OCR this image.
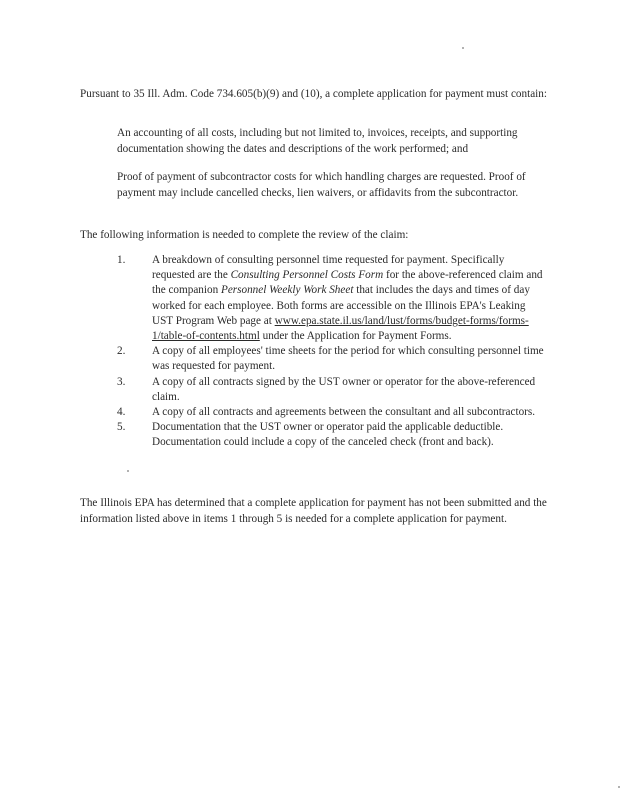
Pursuant to 35 Ill. Adm. Code 734.605(b)(9) and (10), a complete application for payment must contain:

An accounting of all costs, including but not limited to, invoices, receipts, and supporting documentation showing the dates and descriptions of the work performed; and

Proof of payment of subcontractor costs for which handling charges are requested. Proof of payment may include cancelled checks, lien waivers, or affidavits from the subcontractor.

The following information is needed to complete the review of the claim:

1.	A breakdown of consulting personnel time requested for payment. Specifically requested are the Consulting Personnel Costs Form for the above-referenced claim and the companion Personnel Weekly Work Sheet that includes the days and times of day worked for each employee. Both forms are accessible on the Illinois EPA's Leaking UST Program Web page at www.epa.state.il.us/land/lust/forms/budget-forms/forms-1/table-of-contents.html under the Application for Payment Forms.
2.	A copy of all employees' time sheets for the period for which consulting personnel time was requested for payment.
3.	A copy of all contracts signed by the UST owner or operator for the above-referenced claim.
4.	A copy of all contracts and agreements between the consultant and all subcontractors.
5.	Documentation that the UST owner or operator paid the applicable deductible. Documentation could include a copy of the canceled check (front and back).

The Illinois EPA has determined that a complete application for payment has not been submitted and the information listed above in items 1 through 5 is needed for a complete application for payment.
